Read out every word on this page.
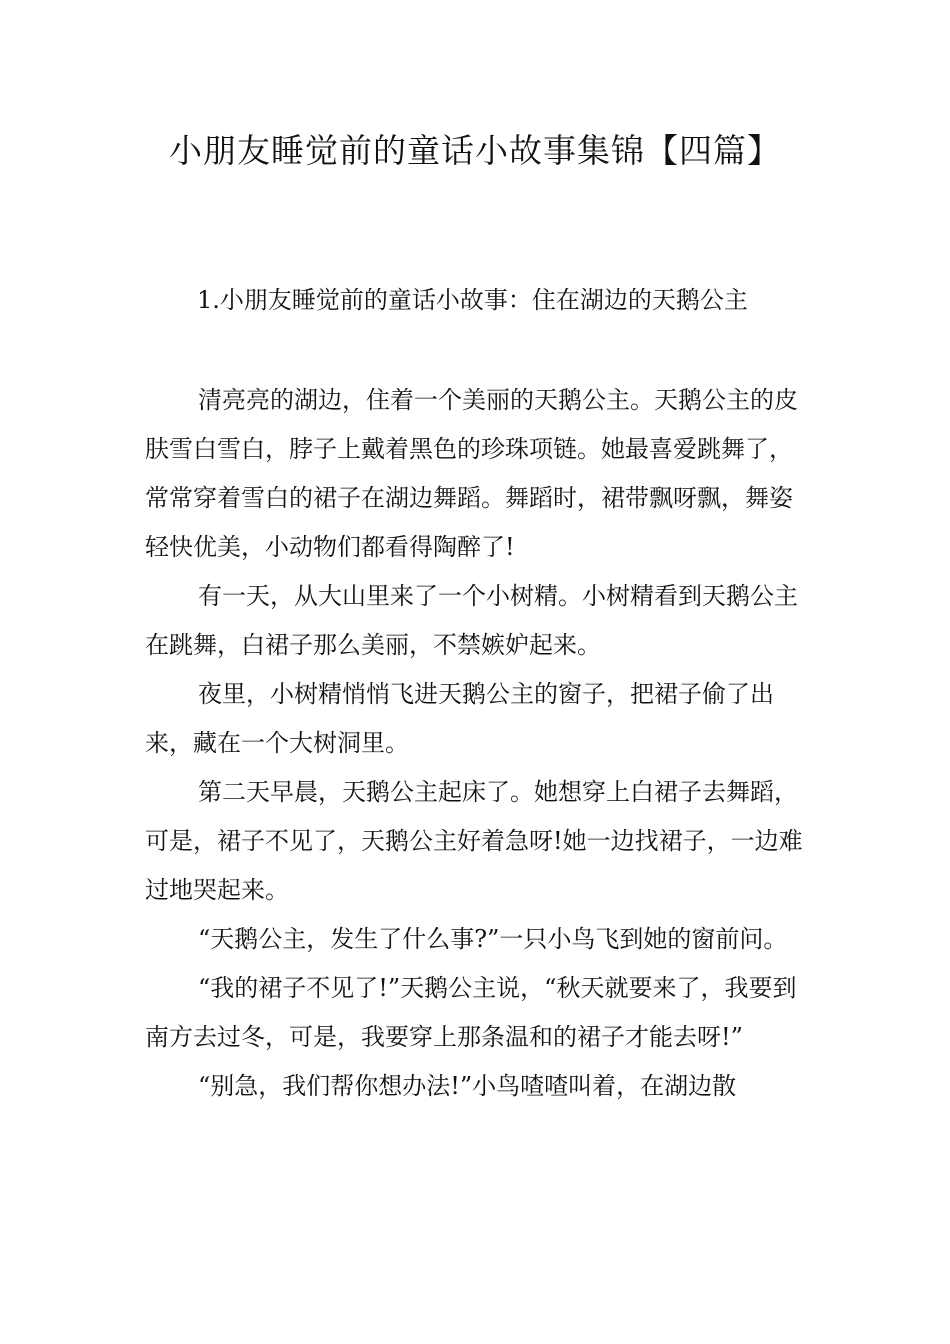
小朋友睡觉前的童话小故事集锦【四篇】
1.小朋友睡觉前的童话小故事：住在湖边的天鹅公主

清亮亮的湖边，住着一个美丽的天鹅公主。天鹅公主的皮肤雪白雪白，脖子上戴着黑色的珍珠项链。她最喜爱跳舞了，常常穿着雪白的裙子在湖边舞蹈。舞蹈时，裙带飘呀飘，舞姿轻快优美，小动物们都看得陶醉了!

有一天，从大山里来了一个小树精。小树精看到天鹅公主在跳舞，白裙子那么美丽，不禁嫉妒起来。

夜里，小树精悄悄飞进天鹅公主的窗子，把裙子偷了出来，藏在一个大树洞里。

第二天早晨，天鹅公主起床了。她想穿上白裙子去舞蹈，可是，裙子不见了，天鹅公主好着急呀!她一边找裙子，一边难过地哭起来。

“天鹅公主，发生了什么事?”一只小鸟飞到她的窗前问。

“我的裙子不见了!”天鹅公主说，“秋天就要来了，我要到南方去过冬，可是，我要穿上那条温和的裙子才能去呀!”

“别急，我们帮你想办法!”小鸟喳喳叫着，在湖边散
